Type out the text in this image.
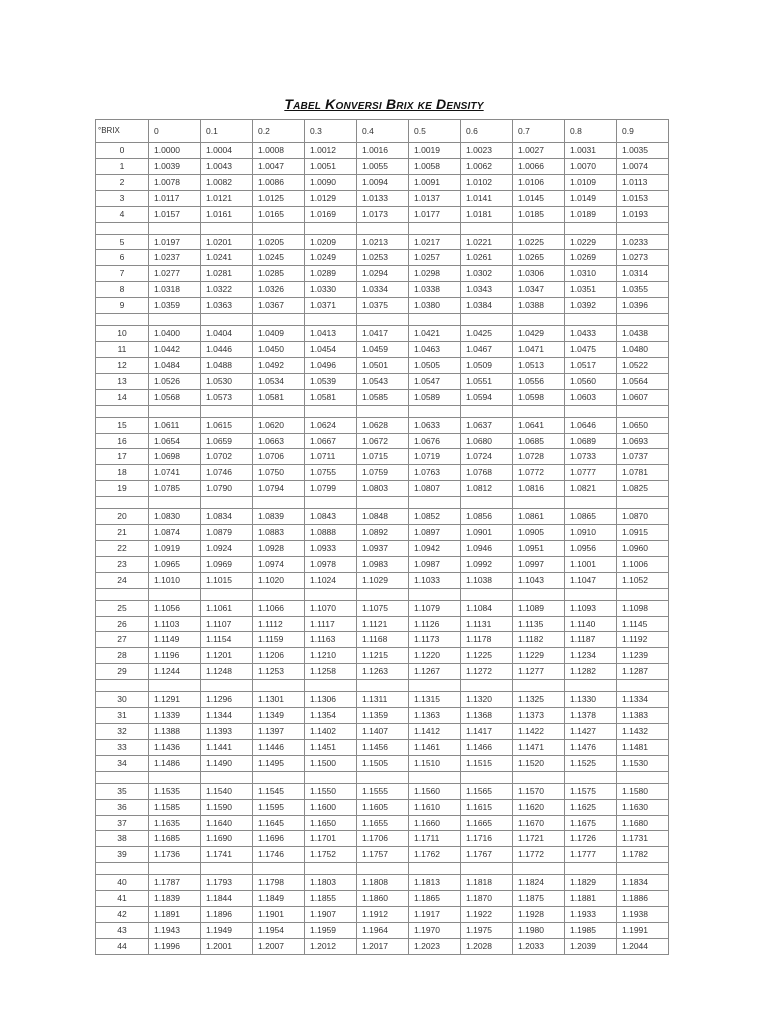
Tabel Konversi Brix ke Density
°BRIX	0	0.1	0.2	0.3	0.4	0.5	0.6	0.7	0.8	0.9
0	1.0000	1.0004	1.0008	1.0012	1.0016	1.0019	1.0023	1.0027	1.0031	1.0035
1	1.0039	1.0043	1.0047	1.0051	1.0055	1.0058	1.0062	1.0066	1.0070	1.0074
2	1.0078	1.0082	1.0086	1.0090	1.0094	1.0091	1.0102	1.0106	1.0109	1.0113
3	1.0117	1.0121	1.0125	1.0129	1.0133	1.0137	1.0141	1.0145	1.0149	1.0153
4	1.0157	1.0161	1.0165	1.0169	1.0173	1.0177	1.0181	1.0185	1.0189	1.0193

5	1.0197	1.0201	1.0205	1.0209	1.0213	1.0217	1.0221	1.0225	1.0229	1.0233
6	1.0237	1.0241	1.0245	1.0249	1.0253	1.0257	1.0261	1.0265	1.0269	1.0273
7	1.0277	1.0281	1.0285	1.0289	1.0294	1.0298	1.0302	1.0306	1.0310	1.0314
8	1.0318	1.0322	1.0326	1.0330	1.0334	1.0338	1.0343	1.0347	1.0351	1.0355
9	1.0359	1.0363	1.0367	1.0371	1.0375	1.0380	1.0384	1.0388	1.0392	1.0396

10	1.0400	1.0404	1.0409	1.0413	1.0417	1.0421	1.0425	1.0429	1.0433	1.0438
11	1.0442	1.0446	1.0450	1.0454	1.0459	1.0463	1.0467	1.0471	1.0475	1.0480
12	1.0484	1.0488	1.0492	1.0496	1.0501	1.0505	1.0509	1.0513	1.0517	1.0522
13	1.0526	1.0530	1.0534	1.0539	1.0543	1.0547	1.0551	1.0556	1.0560	1.0564
14	1.0568	1.0573	1.0581	1.0581	1.0585	1.0589	1.0594	1.0598	1.0603	1.0607

15	1.0611	1.0615	1.0620	1.0624	1.0628	1.0633	1.0637	1.0641	1.0646	1.0650
16	1.0654	1.0659	1.0663	1.0667	1.0672	1.0676	1.0680	1.0685	1.0689	1.0693
17	1.0698	1.0702	1.0706	1.0711	1.0715	1.0719	1.0724	1.0728	1.0733	1.0737
18	1.0741	1.0746	1.0750	1.0755	1.0759	1.0763	1.0768	1.0772	1.0777	1.0781
19	1.0785	1.0790	1.0794	1.0799	1.0803	1.0807	1.0812	1.0816	1.0821	1.0825

20	1.0830	1.0834	1.0839	1.0843	1.0848	1.0852	1.0856	1.0861	1.0865	1.0870
21	1.0874	1.0879	1.0883	1.0888	1.0892	1.0897	1.0901	1.0905	1.0910	1.0915
22	1.0919	1.0924	1.0928	1.0933	1.0937	1.0942	1.0946	1.0951	1.0956	1.0960
23	1.0965	1.0969	1.0974	1.0978	1.0983	1.0987	1.0992	1.0997	1.1001	1.1006
24	1.1010	1.1015	1.1020	1.1024	1.1029	1.1033	1.1038	1.1043	1.1047	1.1052

25	1.1056	1.1061	1.1066	1.1070	1.1075	1.1079	1.1084	1.1089	1.1093	1.1098
26	1.1103	1.1107	1.1112	1.1117	1.1121	1.1126	1.1131	1.1135	1.1140	1.1145
27	1.1149	1.1154	1.1159	1.1163	1.1168	1.1173	1.1178	1.1182	1.1187	1.1192
28	1.1196	1.1201	1.1206	1.1210	1.1215	1.1220	1.1225	1.1229	1.1234	1.1239
29	1.1244	1.1248	1.1253	1.1258	1.1263	1.1267	1.1272	1.1277	1.1282	1.1287

30	1.1291	1.1296	1.1301	1.1306	1.1311	1.1315	1.1320	1.1325	1.1330	1.1334
31	1.1339	1.1344	1.1349	1.1354	1.1359	1.1363	1.1368	1.1373	1.1378	1.1383
32	1.1388	1.1393	1.1397	1.1402	1.1407	1.1412	1.1417	1.1422	1.1427	1.1432
33	1.1436	1.1441	1.1446	1.1451	1.1456	1.1461	1.1466	1.1471	1.1476	1.1481
34	1.1486	1.1490	1.1495	1.1500	1.1505	1.1510	1.1515	1.1520	1.1525	1.1530

35	1.1535	1.1540	1.1545	1.1550	1.1555	1.1560	1.1565	1.1570	1.1575	1.1580
36	1.1585	1.1590	1.1595	1.1600	1.1605	1.1610	1.1615	1.1620	1.1625	1.1630
37	1.1635	1.1640	1.1645	1.1650	1.1655	1.1660	1.1665	1.1670	1.1675	1.1680
38	1.1685	1.1690	1.1696	1.1701	1.1706	1.1711	1.1716	1.1721	1.1726	1.1731
39	1.1736	1.1741	1.1746	1.1752	1.1757	1.1762	1.1767	1.1772	1.1777	1.1782

40	1.1787	1.1793	1.1798	1.1803	1.1808	1.1813	1.1818	1.1824	1.1829	1.1834
41	1.1839	1.1844	1.1849	1.1855	1.1860	1.1865	1.1870	1.1875	1.1881	1.1886
42	1.1891	1.1896	1.1901	1.1907	1.1912	1.1917	1.1922	1.1928	1.1933	1.1938
43	1.1943	1.1949	1.1954	1.1959	1.1964	1.1970	1.1975	1.1980	1.1985	1.1991
44	1.1996	1.2001	1.2007	1.2012	1.2017	1.2023	1.2028	1.2033	1.2039	1.2044
